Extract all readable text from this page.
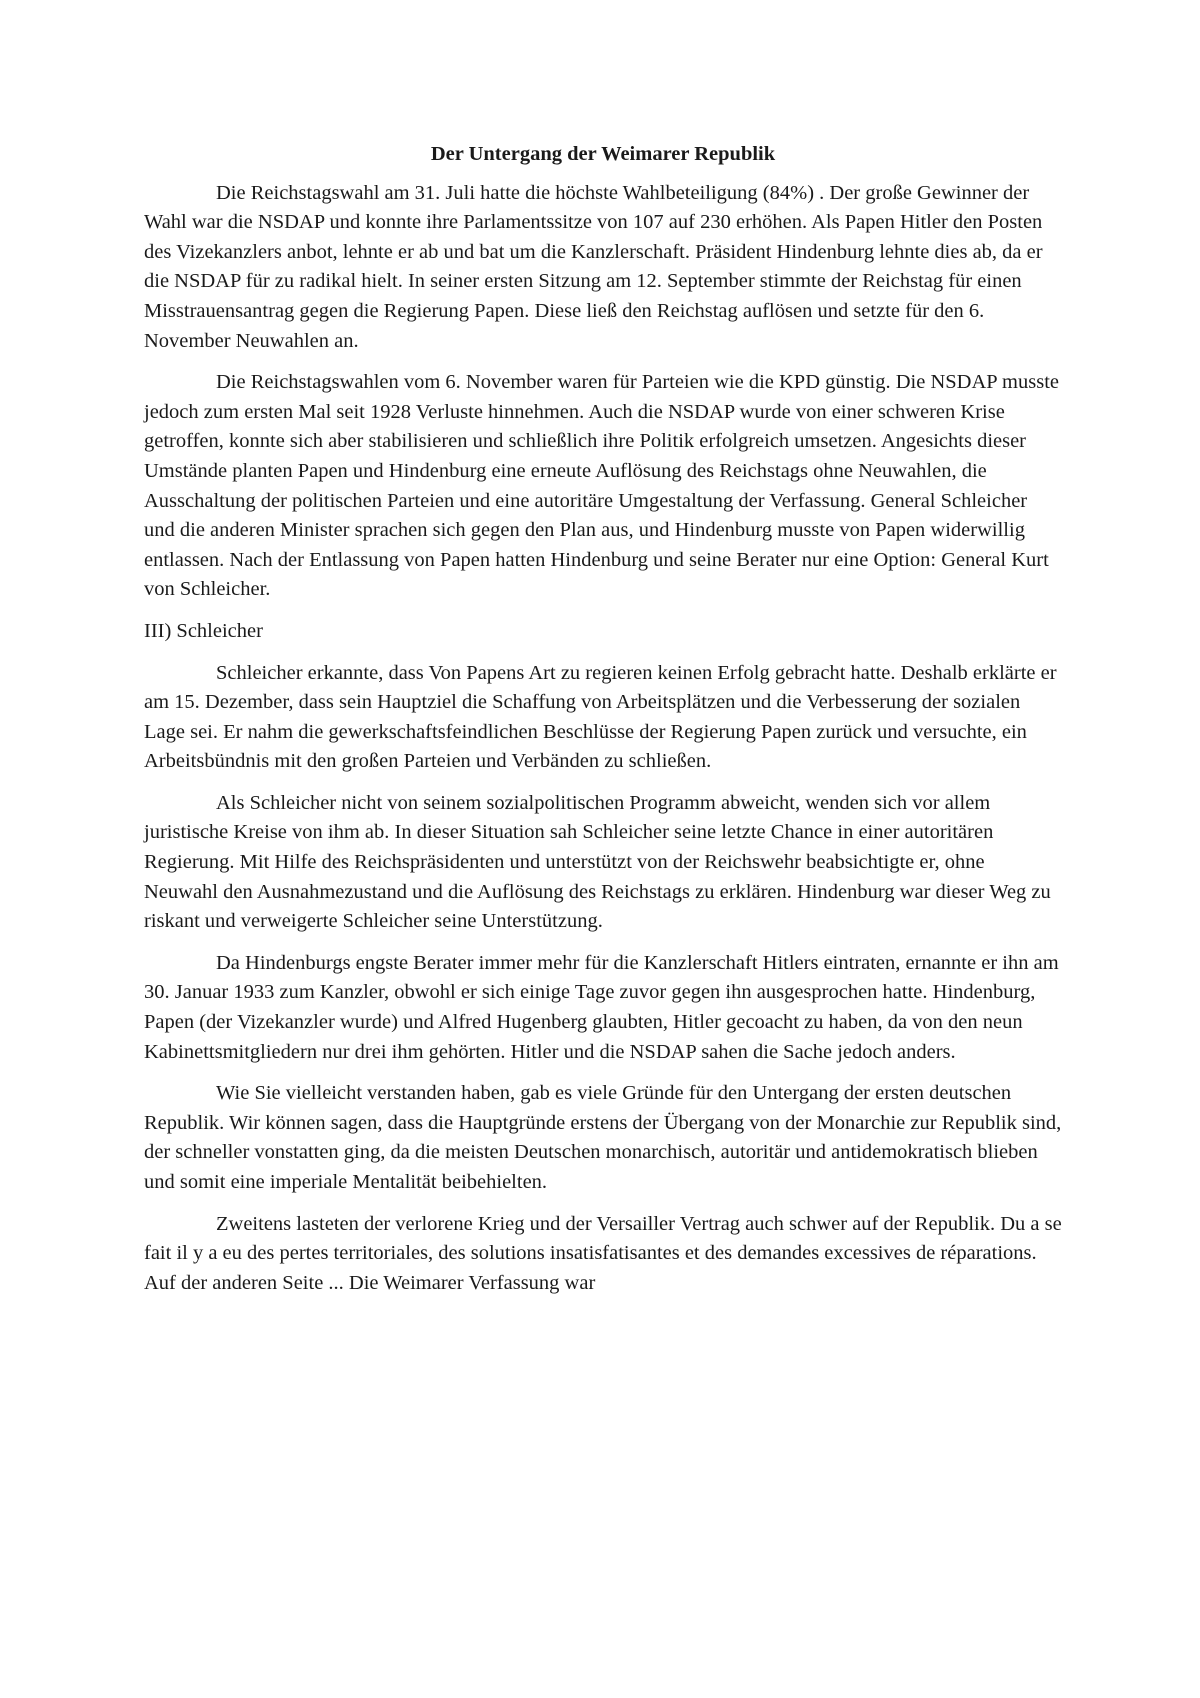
Der Untergang der Weimarer Republik

Die Reichstagswahl am 31. Juli hatte die höchste Wahlbeteiligung (84%) . Der große Gewinner der Wahl war die NSDAP und konnte ihre Parlamentssitze von 107 auf 230 erhöhen. Als Papen Hitler den Posten des Vizekanzlers anbot, lehnte er ab und bat um die Kanzlerschaft. Präsident Hindenburg lehnte dies ab, da er die NSDAP für zu radikal hielt. In seiner ersten Sitzung am 12. September stimmte der Reichstag für einen Misstrauensantrag gegen die Regierung Papen. Diese ließ den Reichstag auflösen und setzte für den 6. November Neuwahlen an.

Die Reichstagswahlen vom 6. November waren für Parteien wie die KPD günstig. Die NSDAP musste jedoch zum ersten Mal seit 1928 Verluste hinnehmen. Auch die NSDAP wurde von einer schweren Krise getroffen, konnte sich aber stabilisieren und schließlich ihre Politik erfolgreich umsetzen. Angesichts dieser Umstände planten Papen und Hindenburg eine erneute Auflösung des Reichstags ohne Neuwahlen, die Ausschaltung der politischen Parteien und eine autoritäre Umgestaltung der Verfassung. General Schleicher und die anderen Minister sprachen sich gegen den Plan aus, und Hindenburg musste von Papen widerwillig entlassen. Nach der Entlassung von Papen hatten Hindenburg und seine Berater nur eine Option: General Kurt von Schleicher.

III) Schleicher

Schleicher erkannte, dass Von Papens Art zu regieren keinen Erfolg gebracht hatte. Deshalb erklärte er am 15. Dezember, dass sein Hauptziel die Schaffung von Arbeitsplätzen und die Verbesserung der sozialen Lage sei. Er nahm die gewerkschaftsfeindlichen Beschlüsse der Regierung Papen zurück und versuchte, ein Arbeitsbündnis mit den großen Parteien und Verbänden zu schließen.

Als Schleicher nicht von seinem sozialpolitischen Programm abweicht, wenden sich vor allem juristische Kreise von ihm ab. In dieser Situation sah Schleicher seine letzte Chance in einer autoritären Regierung. Mit Hilfe des Reichspräsidenten und unterstützt von der Reichswehr beabsichtigte er, ohne Neuwahl den Ausnahmezustand und die Auflösung des Reichstags zu erklären. Hindenburg war dieser Weg zu riskant und verweigerte Schleicher seine Unterstützung.

Da Hindenburgs engste Berater immer mehr für die Kanzlerschaft Hitlers eintraten, ernannte er ihn am 30. Januar 1933 zum Kanzler, obwohl er sich einige Tage zuvor gegen ihn ausgesprochen hatte. Hindenburg, Papen (der Vizekanzler wurde) und Alfred Hugenberg glaubten, Hitler gecoacht zu haben, da von den neun Kabinettsmitgliedern nur drei ihm gehörten. Hitler und die NSDAP sahen die Sache jedoch anders.

Wie Sie vielleicht verstanden haben, gab es viele Gründe für den Untergang der ersten deutschen Republik. Wir können sagen, dass die Hauptgründe erstens der Übergang von der Monarchie zur Republik sind, der schneller vonstatten ging, da die meisten Deutschen monarchisch, autoritär und antidemokratisch blieben und somit eine imperiale Mentalität beibehielten.

Zweitens lasteten der verlorene Krieg und der Versailler Vertrag auch schwer auf der Republik. Du a se fait il y a eu des pertes territoriales, des solutions insatisfatisantes et des demandes excessives de réparations. Auf der anderen Seite ... Die Weimarer Verfassung war
